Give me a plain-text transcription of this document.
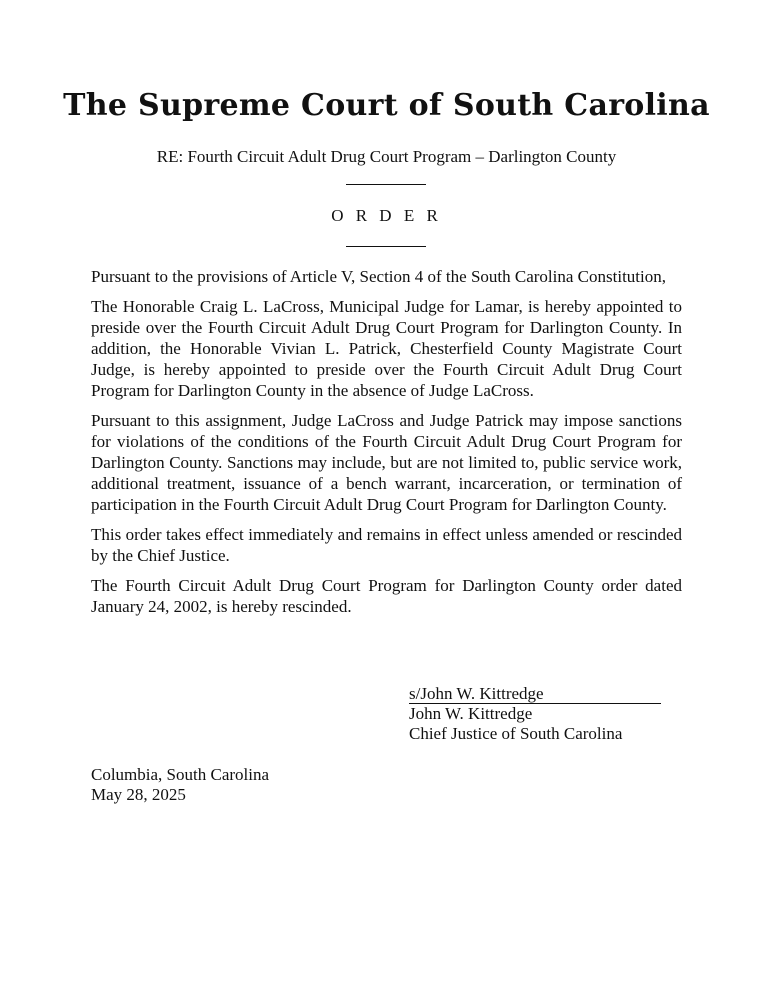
The Supreme Court of South Carolina
RE: Fourth Circuit Adult Drug Court Program – Darlington County
O R D E R

Pursuant to the provisions of Article V, Section 4 of the South Carolina Constitution,

The Honorable Craig L. LaCross, Municipal Judge for Lamar, is hereby appointed to preside over the Fourth Circuit Adult Drug Court Program for Darlington County. In addition, the Honorable Vivian L. Patrick, Chesterfield County Magistrate Court Judge, is hereby appointed to preside over the Fourth Circuit Adult Drug Court Program for Darlington County in the absence of Judge LaCross.

Pursuant to this assignment, Judge LaCross and Judge Patrick may impose sanctions for violations of the conditions of the Fourth Circuit Adult Drug Court Program for Darlington County. Sanctions may include, but are not limited to, public service work, additional treatment, issuance of a bench warrant, incarceration, or termination of participation in the Fourth Circuit Adult Drug Court Program for Darlington County.

This order takes effect immediately and remains in effect unless amended or rescinded by the Chief Justice.

The Fourth Circuit Adult Drug Court Program for Darlington County order dated January 24, 2002, is hereby rescinded.

s/John W. Kittredge
John W. Kittredge
Chief Justice of South Carolina
Columbia, South Carolina
May 28, 2025
